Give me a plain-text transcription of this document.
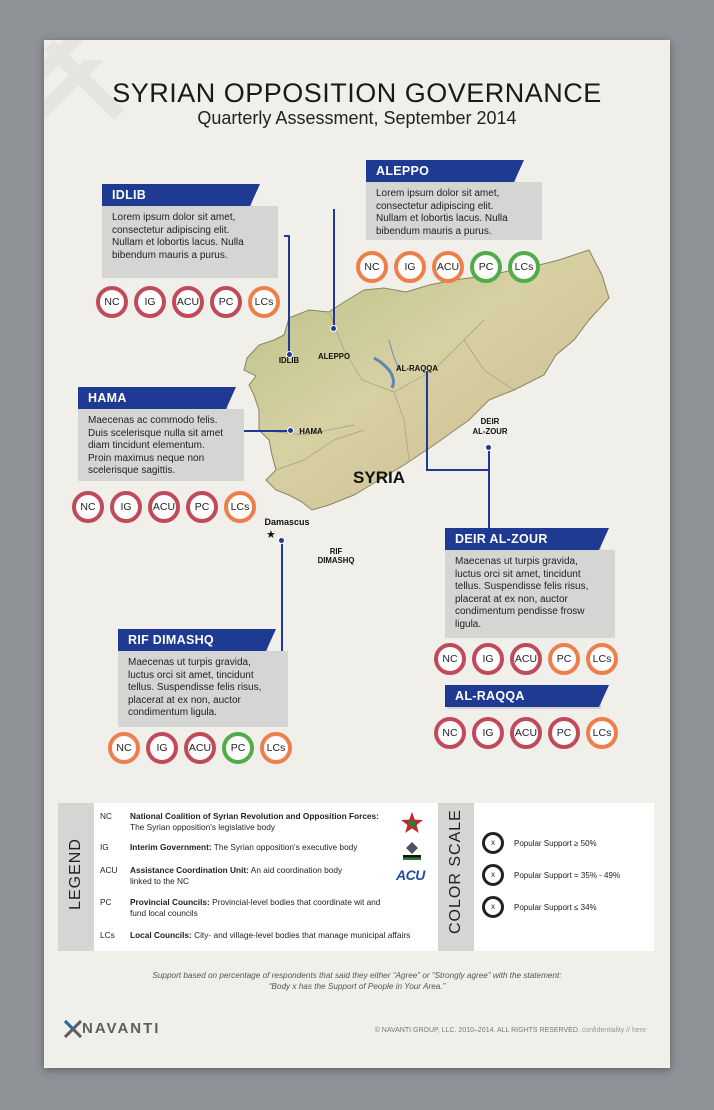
SYRIAN OPPOSITION GOVERNANCE
Quarterly Assessment, September 2014
ALEPPO
IDLIB
HAMA
AL-RAQQA
DEIR
AL-ZOUR
SYRIA
Damascus
★
RIF
DIMASHQ
ALEPPO
Lorem ipsum dolor sit amet,
consectetur adipiscing elit.
Nullam et lobortis lacus. Nulla
bibendum mauris a purus.
IDLIB
Lorem ipsum dolor sit amet,
consectetur adipiscing elit.
Nullam et lobortis lacus. Nulla
bibendum mauris a purus.
HAMA
Maecenas ac commodo felis.
Duis scelerisque nulla sit amet
diam tincidunt elementum.
Proin maximus neque non
scelerisque sagittis.
RIF DIMASHQ
Maecenas ut turpis gravida,
luctus orci sit amet, tincidunt
tellus. Suspendisse felis risus,
placerat at ex non, auctor
condimentum ligula.
DEIR AL-ZOUR
Maecenas ut turpis gravida,
luctus orci sit amet, tincidunt
tellus. Suspendisse felis risus,
placerat at ex non, auctor
condimentum pendisse frosw
ligula.
AL-RAQQA
LEGEND
NC National Coalition of Syrian Revolution and Opposition Forces:
The Syrian opposition's legislative body
IG	Interim Government: The Syrian opposition's executive body
ACU Assistance Coordination Unit: An aid coordination body linked to the NC
PC Provincial Councils: Provincial-level bodies that coordinate wit and fund local councils
LCs Local Councils: City- and village-level bodies that manage municipal affairs
ACU COLOR SCALE	x	Popular Support ≥ 50%
x	Popular Support = 35% - 49%
x	Popular Support ≤ 34%
Support based on percentage of respondents that said they either “Agree” or “Strongly agree” with the statement:
“Body x has the Support of People in Your Area.”
NAVANTI	© NAVANTI GROUP, LLC. 2010–2014. ALL RIGHTS RESERVED. confidentiality // here
NC	IG	ACU	PC	LCs
NC	IG	ACU	PC	LCs
NC	IG	ACU	PC	LCs
NC	IG	ACU	PC	LCs
NC	IG	ACU	PC	LCs
NC	IG	ACU	PC	LCs
